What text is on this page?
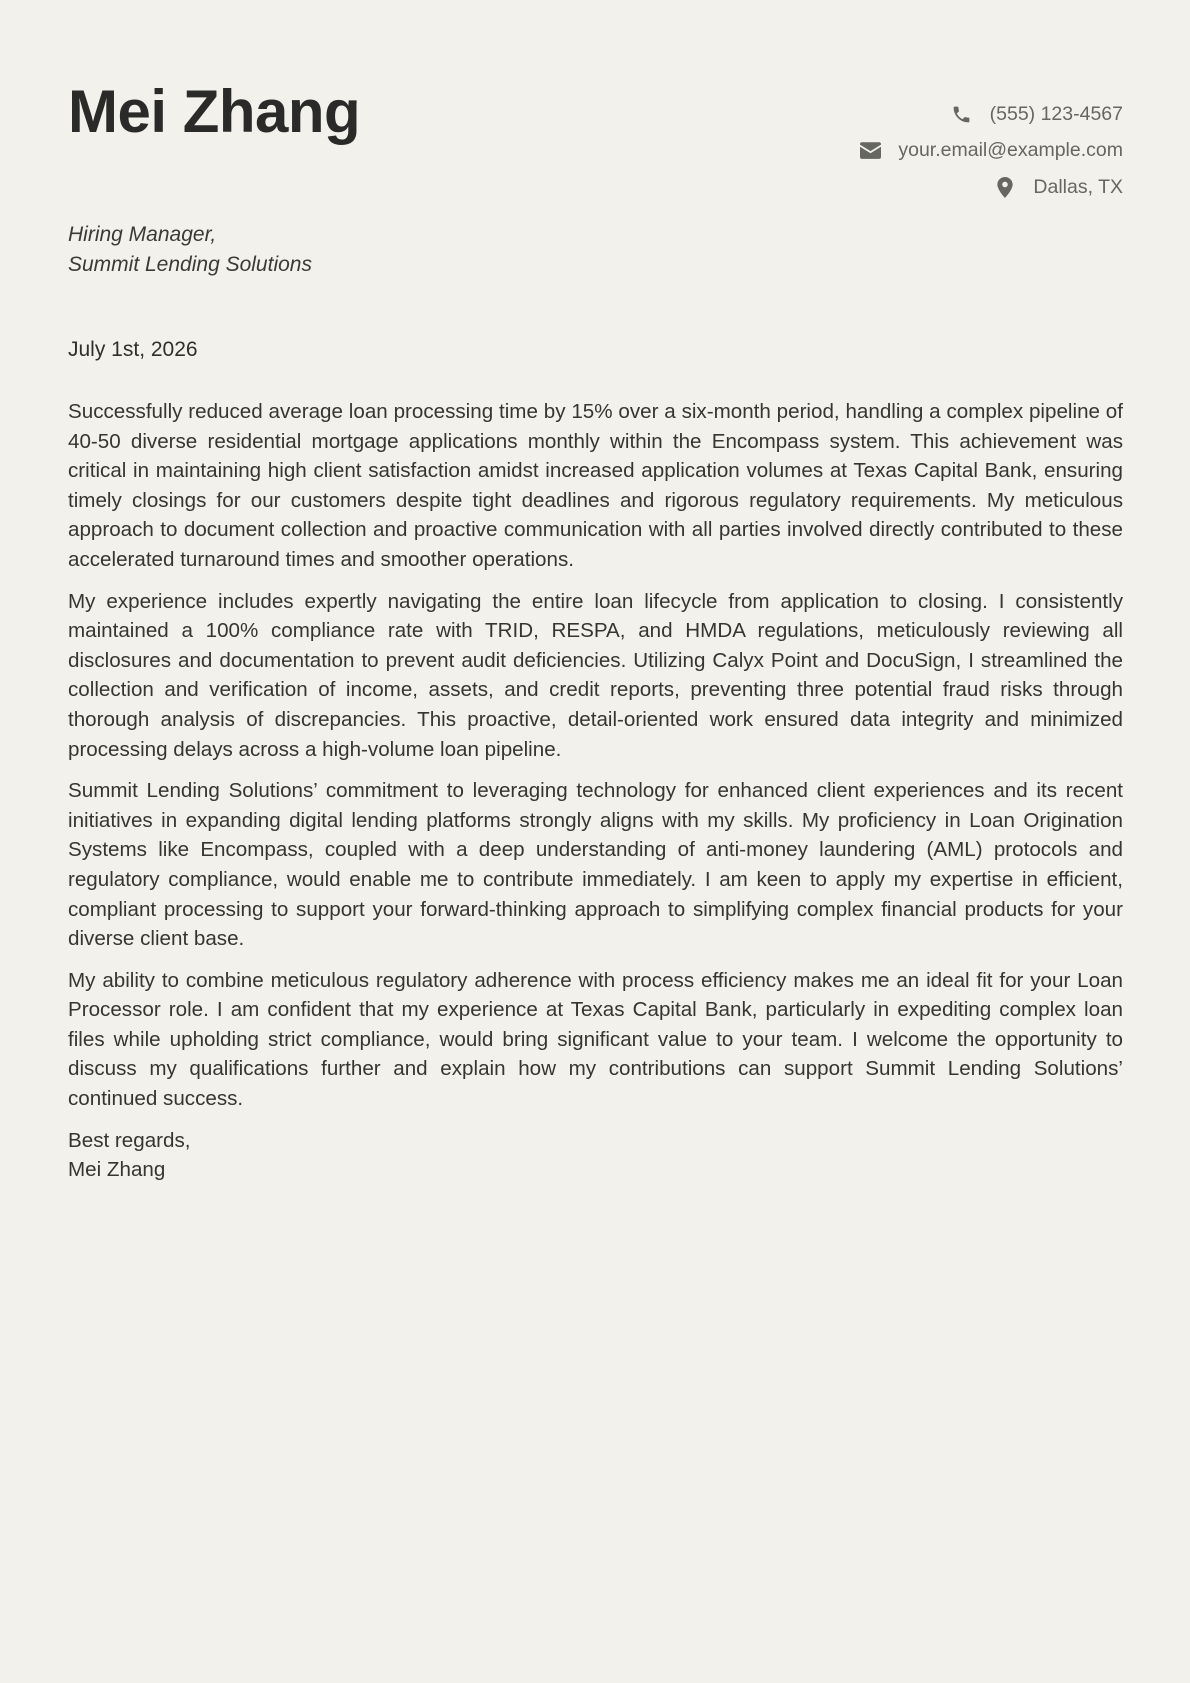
Mei Zhang	(555) 123-4567
your.email@example.com
Dallas, TX
Hiring Manager,
Summit Lending Solutions
July 1st, 2026

Successfully reduced average loan processing time by 15% over a six-month period, handling a complex pipeline of 40-50 diverse residential mortgage applications monthly within the Encompass system. This achievement was critical in maintaining high client satisfaction amidst increased application volumes at Texas Capital Bank, ensuring timely closings for our customers despite tight deadlines and rigorous regulatory requirements. My meticulous approach to document collection and proactive communication with all parties involved directly contributed to these accelerated turnaround times and smoother operations.

My experience includes expertly navigating the entire loan lifecycle from application to closing. I consistently maintained a 100% compliance rate with TRID, RESPA, and HMDA regulations, meticulously reviewing all disclosures and documentation to prevent audit deficiencies. Utilizing Calyx Point and DocuSign, I streamlined the collection and verification of income, assets, and credit reports, preventing three potential fraud risks through thorough analysis of discrepancies. This proactive, detail-oriented work ensured data integrity and minimized processing delays across a high-volume loan pipeline.

Summit Lending Solutions’ commitment to leveraging technology for enhanced client experiences and its recent initiatives in expanding digital lending platforms strongly aligns with my skills. My proficiency in Loan Origination Systems like Encompass, coupled with a deep understanding of anti-money laundering (AML) protocols and regulatory compliance, would enable me to contribute immediately. I am keen to apply my expertise in efficient, compliant processing to support your forward-thinking approach to simplifying complex financial products for your diverse client base.

My ability to combine meticulous regulatory adherence with process efficiency makes me an ideal fit for your Loan Processor role. I am confident that my experience at Texas Capital Bank, particularly in expediting complex loan files while upholding strict compliance, would bring significant value to your team. I welcome the opportunity to discuss my qualifications further and explain how my contributions can support Summit Lending Solutions’ continued success.

Best regards,

Mei Zhang
